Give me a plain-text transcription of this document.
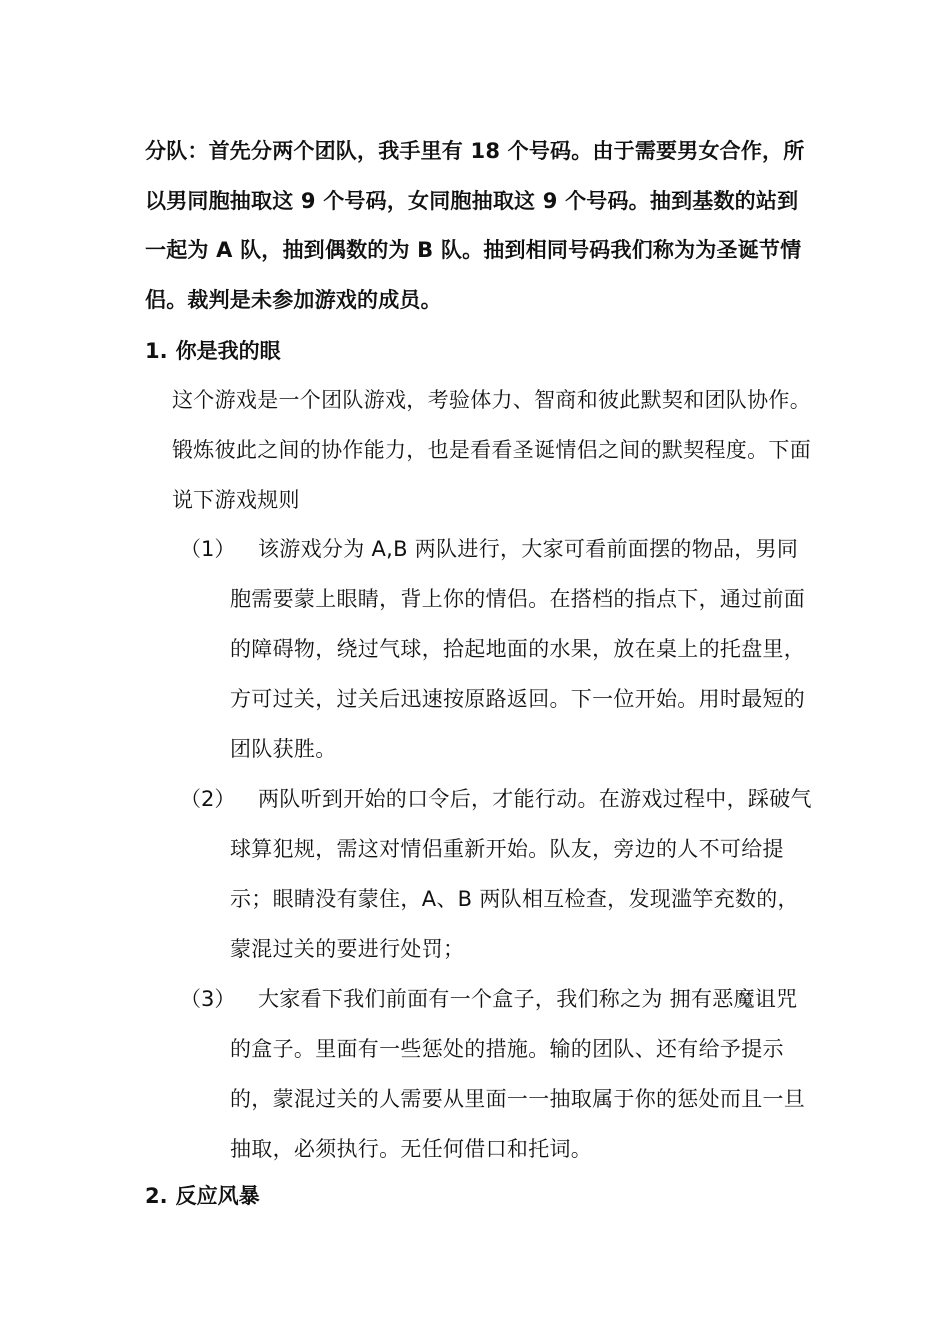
分队：首先分两个团队，我手里有 18 个号码。由于需要男女合作，所以男同胞抽取这 9 个号码，女同胞抽取这 9 个号码。抽到基数的站到一起为 A 队，抽到偶数的为 B 队。抽到相同号码我们称为为圣诞节情侣。裁判是未参加游戏的成员。

1. 你是我的眼

这个游戏是一个团队游戏，考验体力、智商和彼此默契和团队协作。锻炼彼此之间的协作能力，也是看看圣诞情侣之间的默契程度。下面说下游戏规则

（1）	该游戏分为 A,B 两队进行，大家可看前面摆的物品，男同胞需要蒙上眼睛，背上你的情侣。在搭档的指点下，通过前面的障碍物，绕过气球，拾起地面的水果，放在桌上的托盘里，方可过关，过关后迅速按原路返回。下一位开始。用时最短的团队获胜。

（2）	两队听到开始的口令后，才能行动。在游戏过程中，踩破气球算犯规，需这对情侣重新开始。队友，旁边的人不可给提示；眼睛没有蒙住，A、B 两队相互检查，发现滥竽充数的，蒙混过关的要进行处罚；

（3）	大家看下我们前面有一个盒子，我们称之为 拥有恶魔诅咒的盒子。里面有一些惩处的措施。输的团队、还有给予提示的，蒙混过关的人需要从里面一一抽取属于你的惩处而且一旦抽取，必须执行。无任何借口和托词。

2. 反应风暴
